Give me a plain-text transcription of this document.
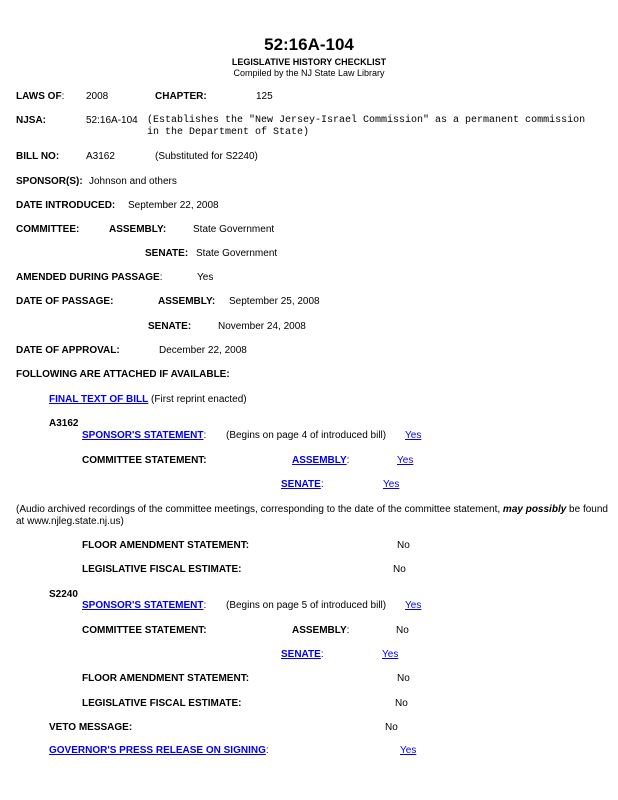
52:16A-104
LEGISLATIVE HISTORY CHECKLIST
Compiled by the NJ State Law Library
LAWS OF: 2008	CHAPTER:	125
NJSA:	52:16A-104 (Establishes the "New Jersey-Israel Commission" as a permanent commission
in the Department of State)
BILL NO:	A3162	(Substituted for S2240)
SPONSOR(S): Johnson and others
DATE INTRODUCED: September 22, 2008
COMMITTEE:	ASSEMBLY:	State Government
SENATE: State Government
AMENDED DURING PASSAGE:	Yes
DATE OF PASSAGE:	ASSEMBLY: September 25, 2008
SENATE:	November 24, 2008
DATE OF APPROVAL:	December 22, 2008
FOLLOWING ARE ATTACHED IF AVAILABLE:
FINAL TEXT OF BILL (First reprint enacted)
A3162
SPONSOR'S STATEMENT: (Begins on page 4 of introduced bill) Yes
COMMITTEE STATEMENT:	ASSEMBLY:	Yes
SENATE:	Yes
(Audio archived recordings of the committee meetings, corresponding to the date of the committee statement, may possibly be found
at www.njleg.state.nj.us)
FLOOR AMENDMENT STATEMENT:	No
LEGISLATIVE FISCAL ESTIMATE:	No
S2240
SPONSOR'S STATEMENT: (Begins on page 5 of introduced bill) Yes
COMMITTEE STATEMENT:	ASSEMBLY:	No
SENATE:	Yes
FLOOR AMENDMENT STATEMENT:	No
LEGISLATIVE FISCAL ESTIMATE:	No
VETO MESSAGE:	No
GOVERNOR'S PRESS RELEASE ON SIGNING:	Yes
